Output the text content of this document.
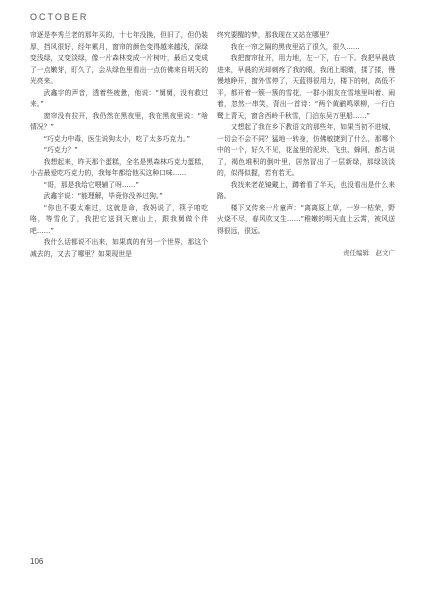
OCTOBER

帘逐是李秀兰老的那年买的，十七年没换，但旧了，但仍装厚，挡风很好，经年累月，窗帘的颜色变得越来越浅，深绿变浅绿，又变淡绿，像一片森林变成一片树叶，最后又变成了一点嫩芽，盯久了，会从绿色里看出一点仿佛来自明天的光亮来。

武鑫宇的声音，透着些疲惫，他说：“舅舅，没有救过来。”

窗帘没有拉开，我仍然在黑夜里，我在黑夜里说：“啥情况？”

“巧克力中毒，医生说狗太小，吃了太多巧克力。”

“巧克力？”

我想起来，昨天那个蛋糕，全名是黑森林巧克力蛋糕，小吉最爱吃巧克力的，我每年都给他买这种口味……

“哥，那是我给它喂辅了呀……”

武鑫宇说：“能理解，毕竟你没养过狗。”

“你也不要太难过，这就是命，我妈说了，筷子咱吃咯，等雪化了，我把它送到天鹿山上，跟我舅做个伴吧……”

我什么话都说不出来，如果真的有另一个世界，那这个减去的，又去了哪里？如果现世是

终究要醒的梦，那我现在又站在哪里？

我在一帘之隔的黑夜里站了很久，很久……

我把窗帘扯开，用力地，左一下，右一下。我把早晨放进来，早晨的光却刺疼了我的眼，我闭上眼睛，揉了揉，慢慢地睁开，窗外雪停了，天蓝得很用力，楼下的树，高低不平，都开着一簇一簇的雪花，一群小朋友在雪地里叫着、闹着，忽然一串笑，背出一首诗：“两个黄鹂鸣翠柳，一行白鹭上青天，窗含西岭千秋雪，门泊东吴万里船……”

又想起了我在乡下教语文的那些年，如果当初不进城，一切会不会不同？猛地一转身，仿佛敏捷到了什么，那哪个中的一个，好久不见，花盆里的泥块、飞虫、蜂网，都古说了，褐色堆积的倒叶里，居然冒出了一层新绿，那绿淡淡的，似得似握，若有若无。

我找来老花镜戴上，蹲着看了半天，也没看出是什么来路。

楼下又传来一片童声：“离离原上草，一岁一枯荣，野火烧不尽，春风吹又生……”稚嫩的明天直上云霄，被风送得很远，很远。

责任编辑　赵文广
106
